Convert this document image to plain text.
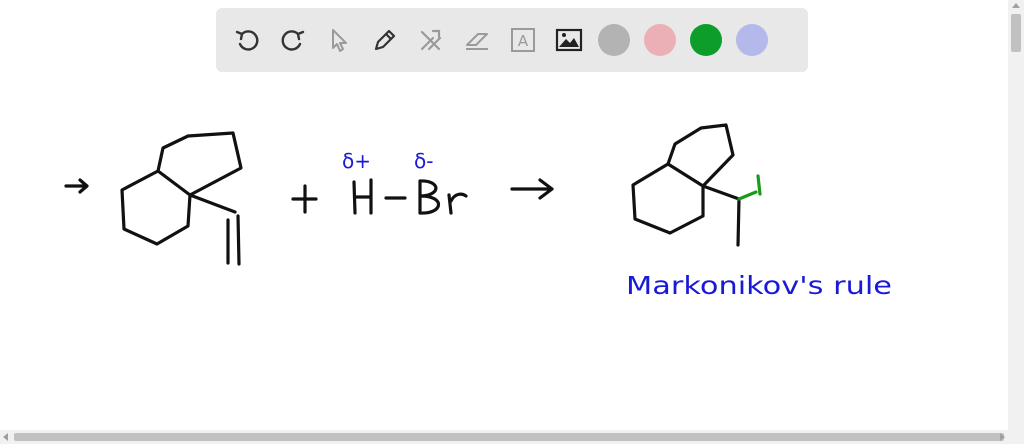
A
δ+ δ-
Markonikov's rule
